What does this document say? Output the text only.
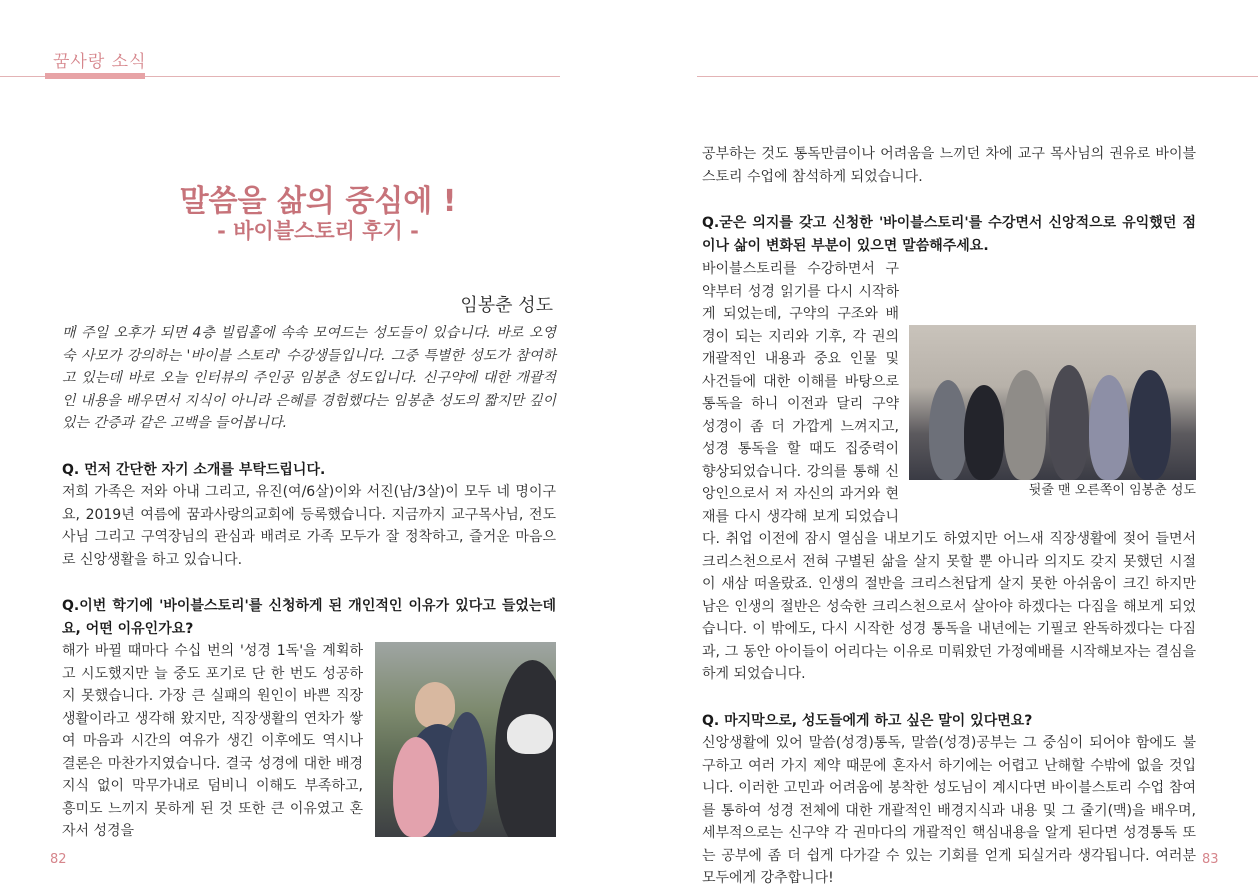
꿈사랑 소식
말씀을 삶의 중심에 !
- 바이블스토리 후기 -
임봉춘 성도

매 주일 오후가 되면 4층 빌립홀에 속속 모여드는 성도들이 있습니다. 바로 오영숙 사모가 강의하는 '바이블 스토리' 수강생들입니다. 그중 특별한 성도가 참여하고 있는데 바로 오늘 인터뷰의 주인공 임봉춘 성도입니다. 신구약에 대한 개괄적인 내용을 배우면서 지식이 아니라 은혜를 경험했다는 임봉춘 성도의 짧지만 깊이 있는 간증과 같은 고백을 들어봅니다.

Q. 먼저 간단한 자기 소개를 부탁드립니다.

저희 가족은 저와 아내 그리고, 유진(여/6살)이와 서진(남/3살)이 모두 네 명이구요, 2019년 여름에 꿈과사랑의교회에 등록했습니다. 지금까지 교구목사님, 전도사님 그리고 구역장님의 관심과 배려로 가족 모두가 잘 정착하고, 즐거운 마음으로 신앙생활을 하고 있습니다.

Q.이번 학기에 '바이블스토리'를 신청하게 된 개인적인 이유가 있다고 들었는데요, 어떤 이유인가요?

해가 바뀔 때마다 수십 번의 '성경 1독'을 계획하고 시도했지만 늘 중도 포기로 단 한 번도 성공하지 못했습니다. 가장 큰 실패의 원인이 바쁜 직장생활이라고 생각해 왔지만, 직장생활의 연차가 쌓여 마음과 시간의 여유가 생긴 이후에도 역시나 결론은 마찬가지였습니다. 결국 성경에 대한 배경지식 없이 막무가내로 덤비니 이해도 부족하고, 흥미도 느끼지 못하게 된 것 또한 큰 이유였고 혼자서 성경을

공부하는 것도 통독만큼이나 어려움을 느끼던 차에 교구 목사님의 권유로 바이블스토리 수업에 참석하게 되었습니다.

Q.굳은 의지를 갖고 신청한 '바이블스토리'를 수강면서 신앙적으로 유익했던 점이나 삶이 변화된 부분이 있으면 말씀해주세요.

뒷줄 맨 오른쪽이 임봉춘 성도

바이블스토리를 수강하면서 구약부터 성경 읽기를 다시 시작하게 되었는데, 구약의 구조와 배경이 되는 지리와 기후, 각 권의 개괄적인 내용과 중요 인물 및 사건들에 대한 이해를 바탕으로 통독을 하니 이전과 달리 구약 성경이 좀 더 가깝게 느껴지고, 성경 통독을 할 때도 집중력이 향상되었습니다. 강의를 통해 신앙인으로서 저 자신의 과거와 현재를 다시 생각해 보게 되었습니다. 취업 이전에 잠시 열심을 내보기도 하였지만 어느새 직장생활에 젖어 들면서 크리스천으로서 전혀 구별된 삶을 살지 못할 뿐 아니라 의지도 갖지 못했던 시절이 새삼 떠올랐죠. 인생의 절반을 크리스천답게 살지 못한 아쉬움이 크긴 하지만 남은 인생의 절반은 성숙한 크리스천으로서 살아야 하겠다는 다짐을 해보게 되었습니다. 이 밖에도, 다시 시작한 성경 통독을 내년에는 기필코 완독하겠다는 다짐과, 그 동안 아이들이 어리다는 이유로 미뤄왔던 가정예배를 시작해보자는 결심을 하게 되었습니다.

Q. 마지막으로, 성도들에게 하고 싶은 말이 있다면요?

신앙생활에 있어 말씀(성경)통독, 말씀(성경)공부는 그 중심이 되어야 함에도 불구하고 여러 가지 제약 때문에 혼자서 하기에는 어렵고 난해할 수밖에 없을 것입니다. 이러한 고민과 어려움에 봉착한 성도님이 계시다면 바이블스토리 수업 참여를 통하여 성경 전체에 대한 개괄적인 배경지식과 내용 및 그 줄기(맥)을 배우며, 세부적으로는 신구약 각 권마다의 개괄적인 핵심내용을 알게 된다면 성경통독 또는 공부에 좀 더 쉽게 다가갈 수 있는 기회를 얻게 되실거라 생각됩니다. 여러분 모두에게 강추합니다!

82	83
